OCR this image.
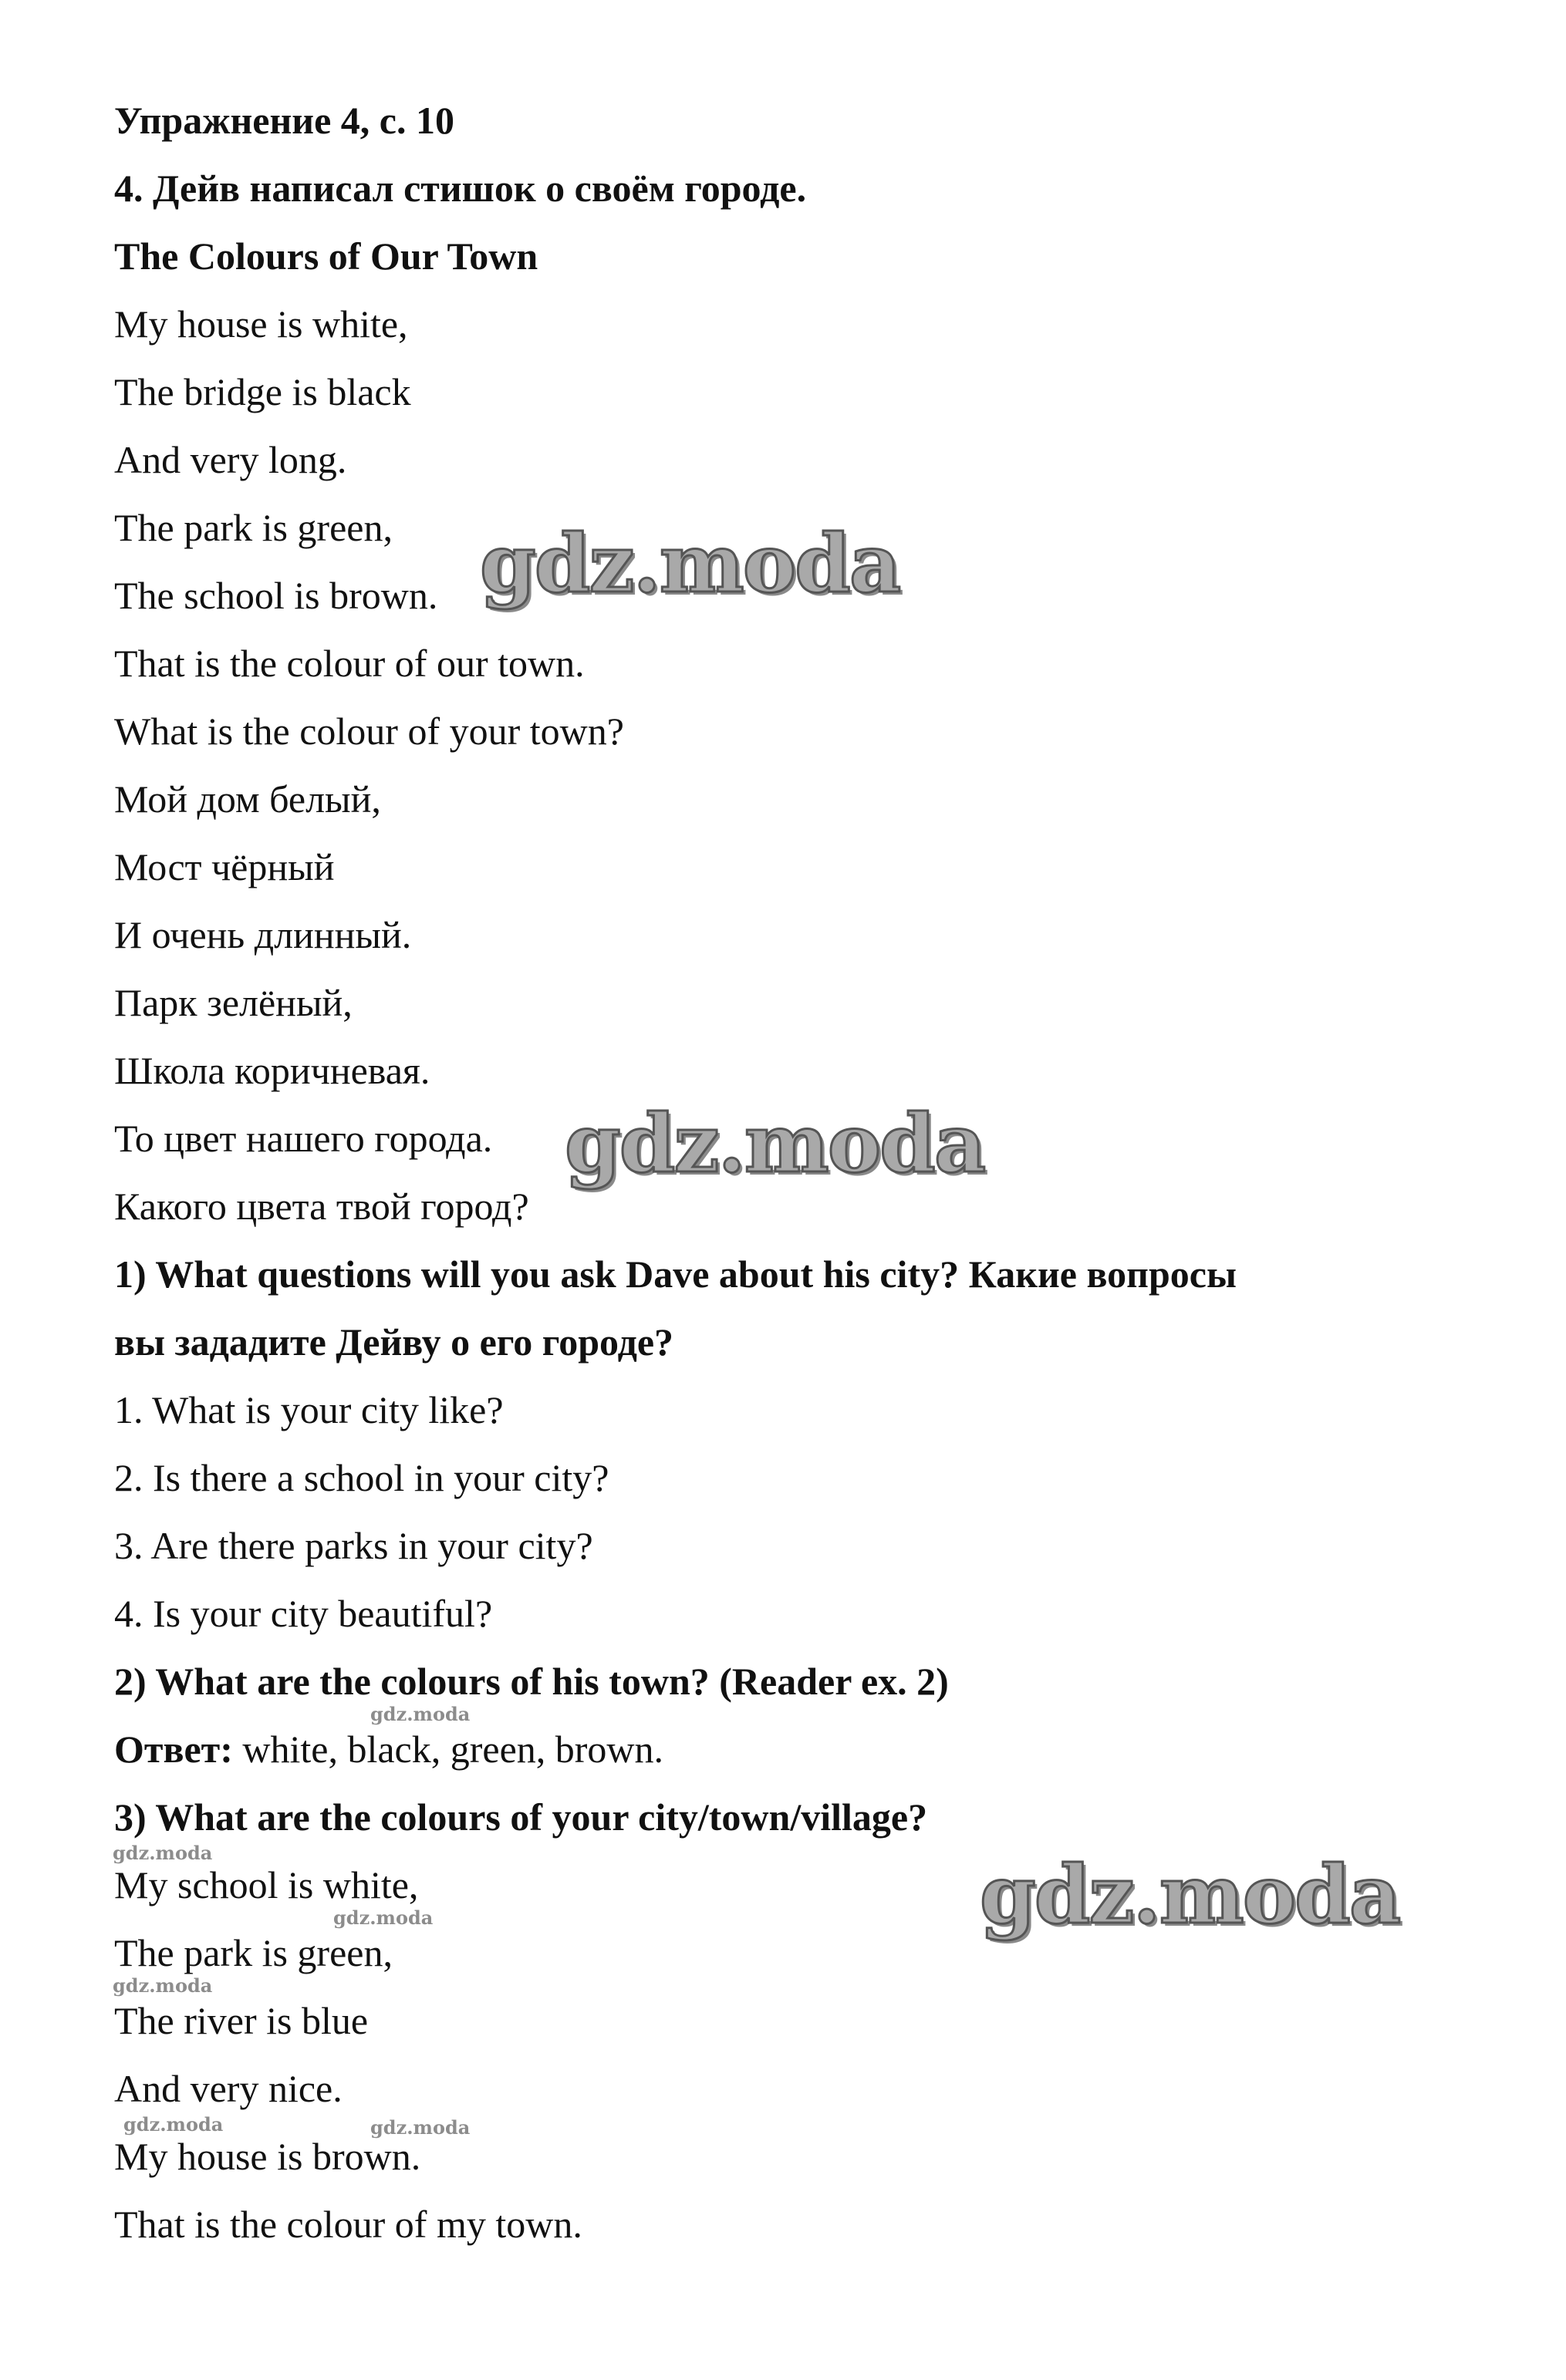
Упражнение 4, с. 10
4. Дейв написал стишок о своём городе.
The Colours of Our Town
My house is white,
The bridge is black
And very long.
The park is green,
The school is brown.
That is the colour of our town.
What is the colour of your town?
Мой дом белый,
Мост чёрный
И очень длинный.
Парк зелёный,
Школа коричневая.
То цвет нашего города.
Какого цвета твой город?
1) What questions will you ask Dave about his city? Какие вопросы
вы зададите Дейву о его городе?
1. What is your city like?
2. Is there a school in your city?
3. Are there parks in your city?
4. Is your city beautiful?
2) What are the colours of his town? (Reader ex. 2)
Ответ: white, black, green, brown.
3) What are the colours of your city/town/village?
My school is white,
The park is green,
The river is blue
And very nice.
My house is brown.
That is the colour of my town.
gdz.moda
gdz.moda
gdz.moda
gdz.moda
gdz.moda
gdz.moda
gdz.moda
gdz.moda	gdz.moda
